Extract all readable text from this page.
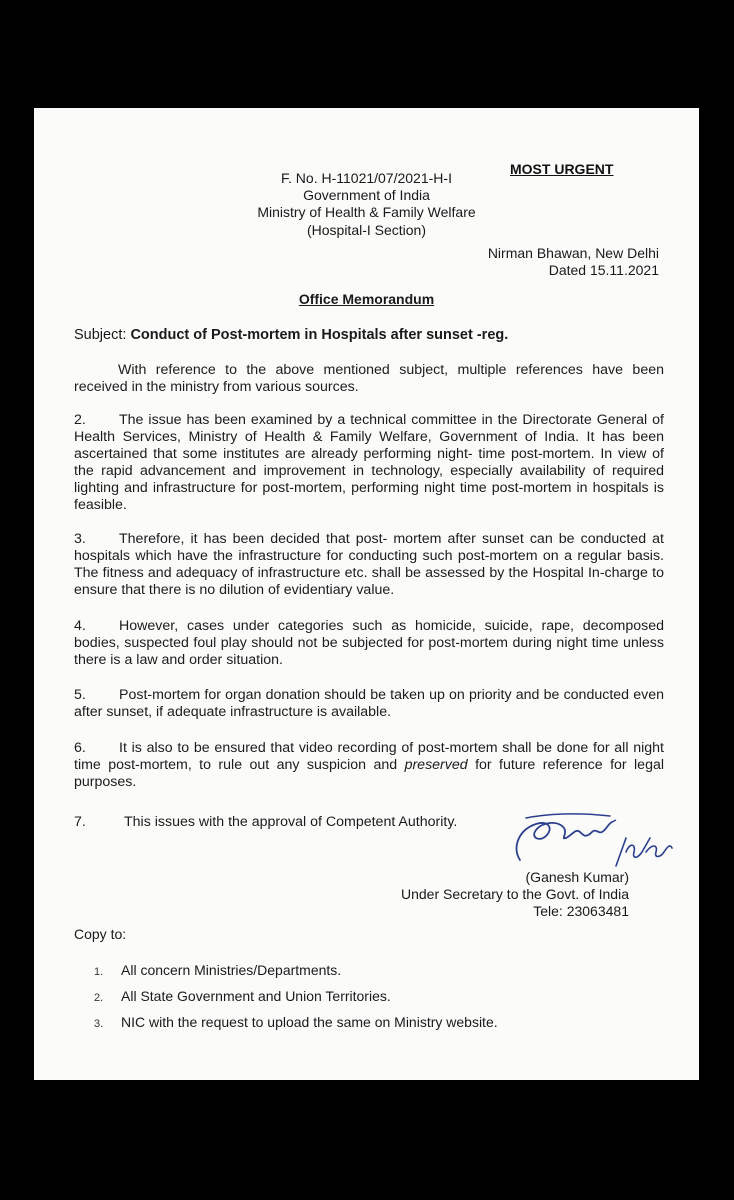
MOST URGENT
F. No. H-11021/07/2021-H-I
Government of India
Ministry of Health & Family Welfare
(Hospital-I Section)
Nirman Bhawan, New Delhi
Dated 15.11.2021
Office Memorandum
Subject: Conduct of Post-mortem in Hospitals after sunset -reg.
With reference to the above mentioned subject, multiple references have been received in the ministry from various sources.
2. The issue has been examined by a technical committee in the Directorate General of Health Services, Ministry of Health & Family Welfare, Government of India. It has been ascertained that some institutes are already performing night- time post-mortem. In view of the rapid advancement and improvement in technology, especially availability of required lighting and infrastructure for post-mortem, performing night time post-mortem in hospitals is feasible.
3. Therefore, it has been decided that post- mortem after sunset can be conducted at hospitals which have the infrastructure for conducting such post-mortem on a regular basis. The fitness and adequacy of infrastructure etc. shall be assessed by the Hospital In-charge to ensure that there is no dilution of evidentiary value.
4. However, cases under categories such as homicide, suicide, rape, decomposed bodies, suspected foul play should not be subjected for post-mortem during night time unless there is a law and order situation.
5. Post-mortem for organ donation should be taken up on priority and be conducted even after sunset, if adequate infrastructure is available.
6. It is also to be ensured that video recording of post-mortem shall be done for all night time post-mortem, to rule out any suspicion and preserved for future reference for legal purposes.
7.	This issues with the approval of Competent Authority.
(Ganesh Kumar)
Under Secretary to the Govt. of India
Tele: 23063481
Copy to:
1. All concern Ministries/Departments.
2. All State Government and Union Territories.
3. NIC with the request to upload the same on Ministry website.
